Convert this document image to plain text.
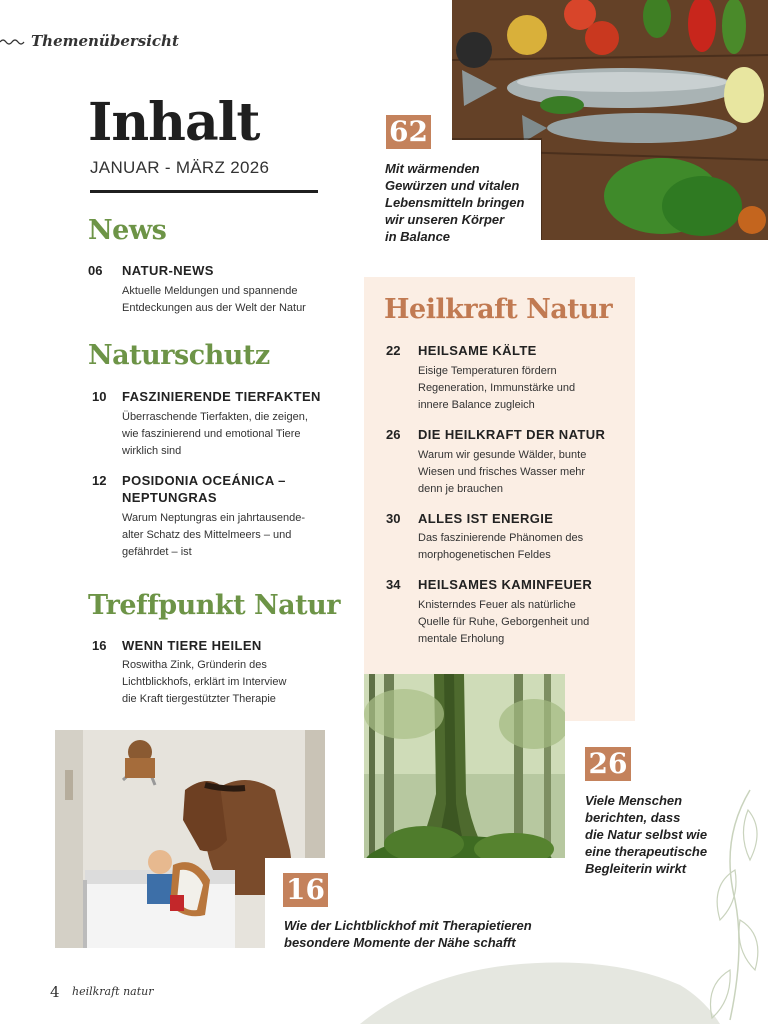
Themenübersicht
Inhalt
JANUAR - MÄRZ 2026
News
06 NATUR-NEWS
Aktuelle Meldungen und spannende
Entdeckungen aus der Welt der Natur
Naturschutz
10 FASZINIERENDE TIERFAKTEN
Überraschende Tierfakten, die zeigen,
wie faszinierend und emotional Tiere
wirklich sind
12 POSIDONIA OCEÁNICA –
NEPTUNGRAS
Warum Neptungras ein jahrtausende-
alter Schatz des Mittelmeers – und
gefährdet – ist
Treffpunkt Natur
16 WENN TIERE HEILEN
Roswitha Zink, Gründerin des
Lichtblickhofs, erklärt im Interview
die Kraft tiergestützter Therapie
62
Mit wärmenden
Gewürzen und vitalen
Lebensmitteln bringen
wir unseren Körper
in Balance
Heilkraft Natur
22 HEILSAME KÄLTE
Eisige Temperaturen fördern
Regeneration, Immunstärke und
innere Balance zugleich
26 DIE HEILKRAFT DER NATUR
Warum wir gesunde Wälder, bunte
Wiesen und frisches Wasser mehr
denn je brauchen
30 ALLES IST ENERGIE
Das faszinierende Phänomen des
morphogenetischen Feldes
34 HEILSAMES KAMINFEUER
Knisterndes Feuer als natürliche
Quelle für Ruhe, Geborgenheit und
mentale Erholung
26
Viele Menschen
berichten, dass
die Natur selbst wie
eine therapeutische
Begleiterin wirkt
16
Wie der Lichtblickhof mit Therapietieren
besondere Momente der Nähe schafft
4 heilkraft natur
